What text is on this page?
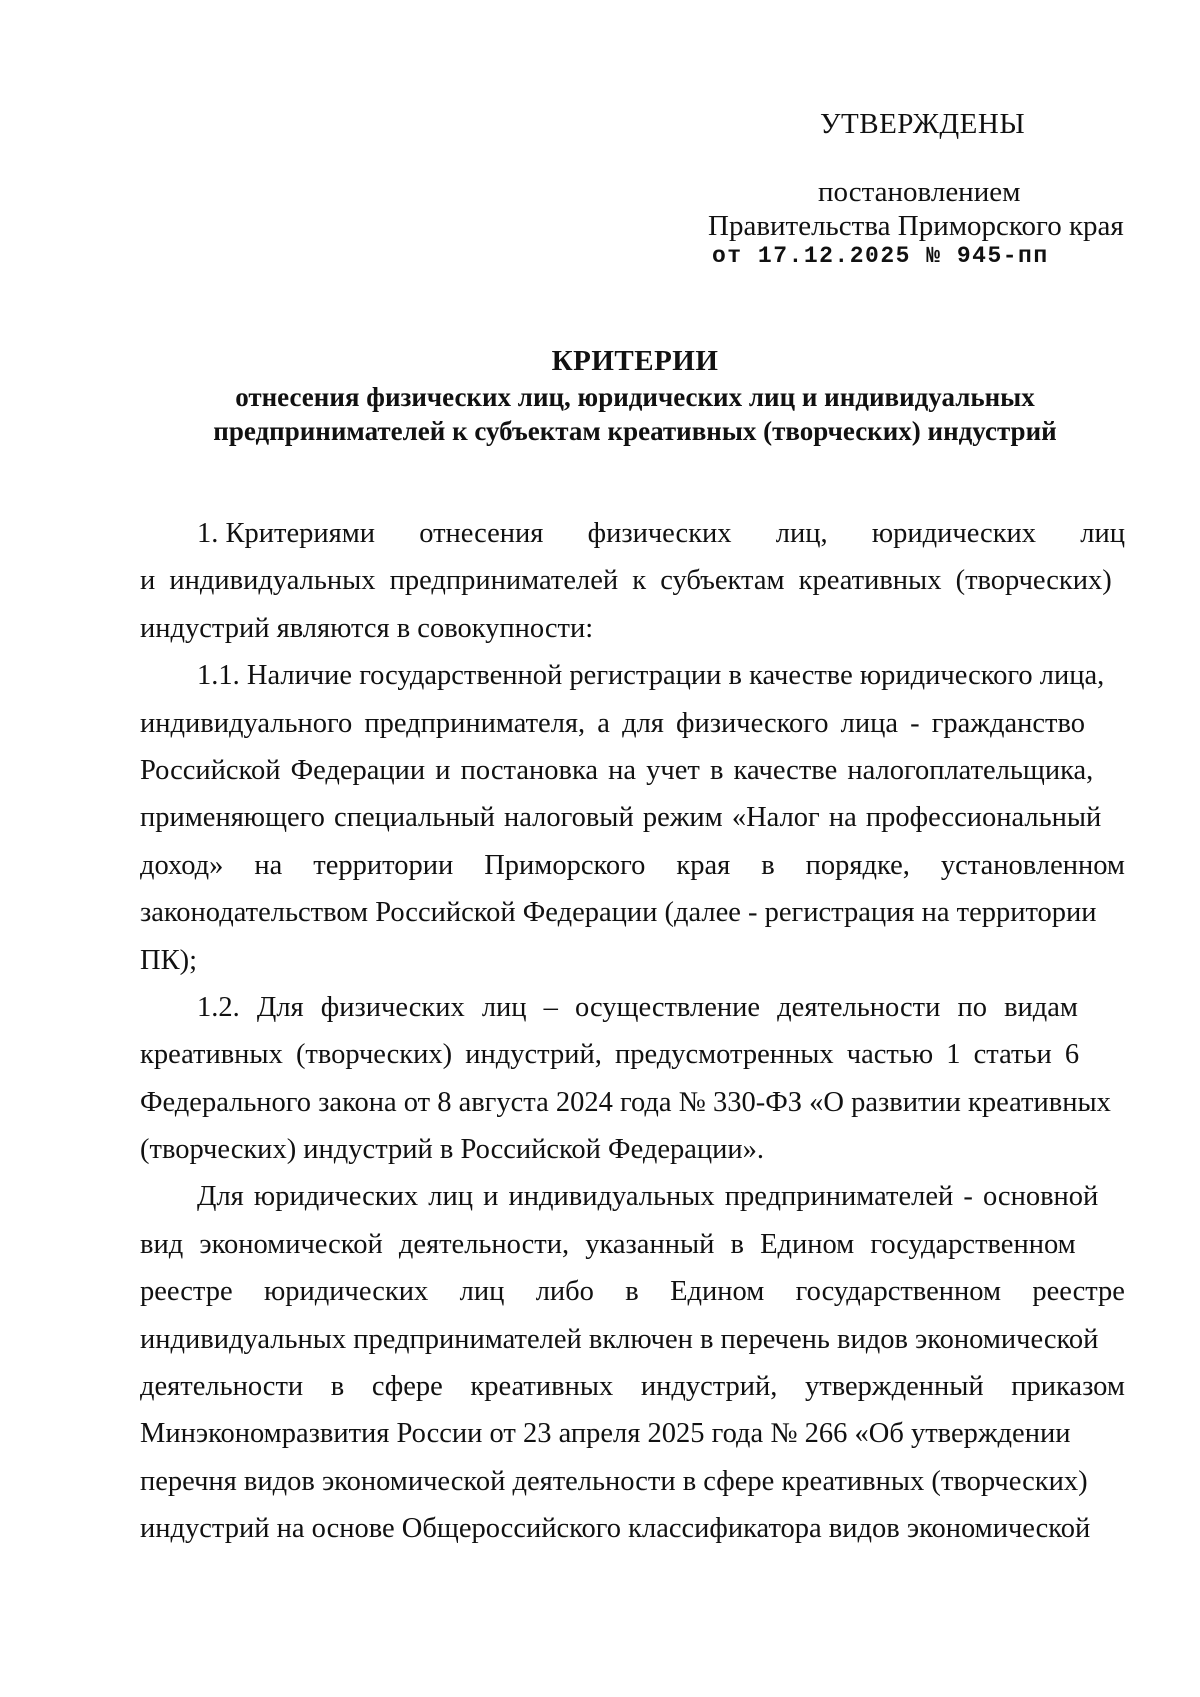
УТВЕРЖДЕНЫ
постановлением
Правительства Приморского края
от 17.12.2025 № 945-пп
КРИТЕРИИ
отнесения физических лиц, юридических лиц и индивидуальных
предпринимателей к субъектам креативных (творческих) индустрий
1. Критериями отнесения физических лиц, юридических лиц
и индивидуальных предпринимателей к субъектам креативных (творческих)
индустрий являются в совокупности:
1.1. Наличие государственной регистрации в качестве юридического лица,
индивидуального предпринимателя, а для физического лица - гражданство
Российской Федерации и постановка на учет в качестве налогоплательщика,
применяющего специальный налоговый режим «Налог на профессиональный
доход» на территории Приморского края в порядке, установленном
законодательством Российской Федерации (далее - регистрация на территории
ПК);
1.2. Для физических лиц – осуществление деятельности по видам
креативных (творческих) индустрий, предусмотренных частью 1 статьи 6
Федерального закона от 8 августа 2024 года № 330-ФЗ «О развитии креативных
(творческих) индустрий в Российской Федерации».
Для юридических лиц и индивидуальных предпринимателей - основной
вид экономической деятельности, указанный в Едином государственном
реестре юридических лиц либо в Едином государственном реестре
индивидуальных предпринимателей включен в перечень видов экономической
деятельности в сфере креативных индустрий, утвержденный приказом
Минэкономразвития России от 23 апреля 2025 года № 266 «Об утверждении
перечня видов экономической деятельности в сфере креативных (творческих)
индустрий на основе Общероссийского классификатора видов экономической
